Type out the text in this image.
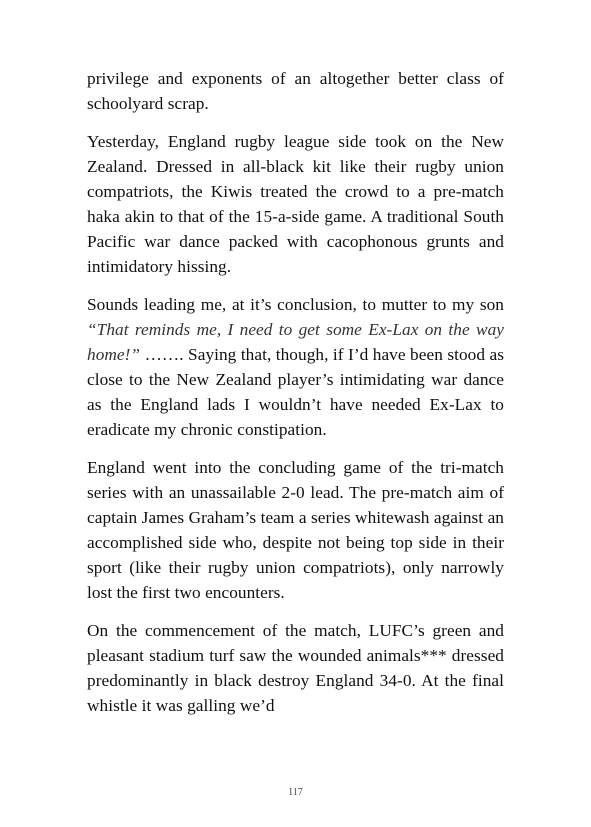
privilege and exponents of an altogether better class of schoolyard scrap.

Yesterday, England rugby league side took on the New Zealand. Dressed in all-black kit like their rugby union compatriots, the Kiwis treated the crowd to a pre-match haka akin to that of the 15-a-side game. A traditional South Pacific war dance packed with cacophonous grunts and intimidatory hissing.

Sounds leading me, at it’s conclusion, to mutter to my son “That reminds me, I need to get some Ex-Lax on the way home!” ……. Saying that, though, if I’d have been stood as close to the New Zealand player’s intimidating war dance as the England lads I wouldn’t have needed Ex-Lax to eradicate my chronic constipation.

England went into the concluding game of the tri-match series with an unassailable 2-0 lead. The pre-match aim of captain James Graham’s team a series whitewash against an accomplished side who, despite not being top side in their sport (like their rugby union compatriots), only narrowly lost the first two encounters.

On the commencement of the match, LUFC’s green and pleasant stadium turf saw the wounded animals*** dressed predominantly in black destroy England 34-0. At the final whistle it was galling we’d

117
